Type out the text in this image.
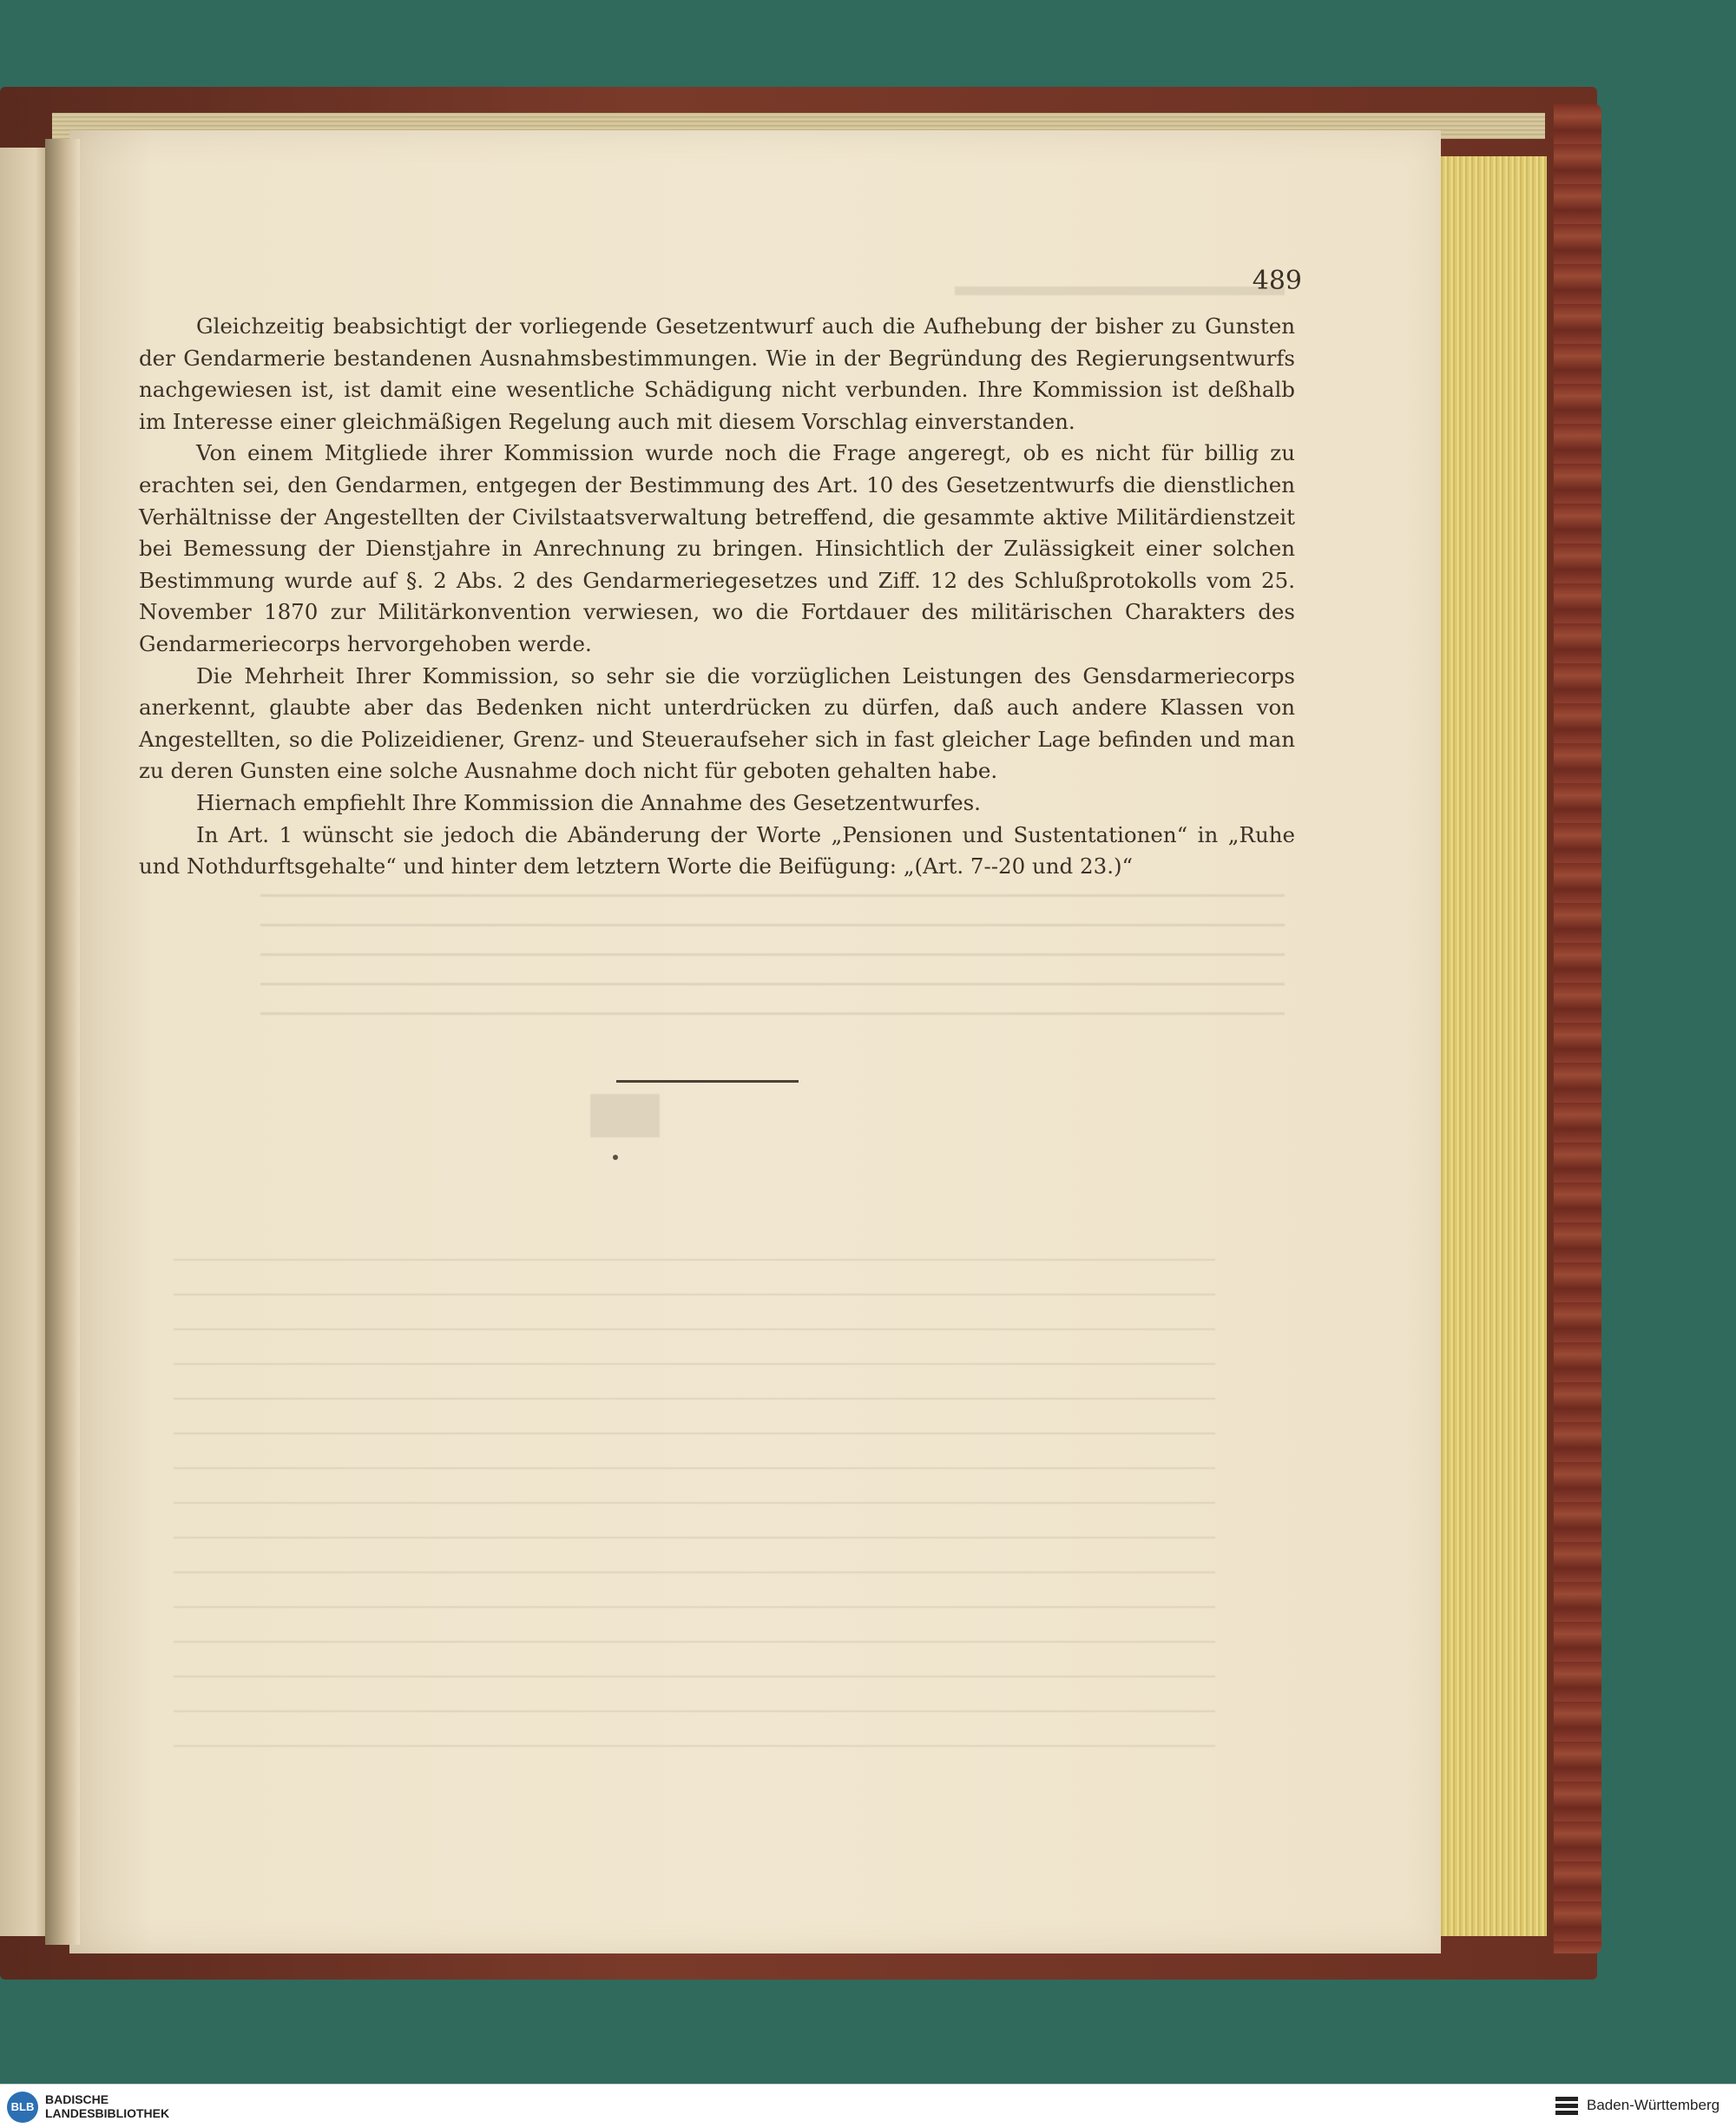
489

Gleichzeitig beabsichtigt der vorliegende Gesetzentwurf auch die Aufhebung der bisher zu Gunsten der Gendarmerie bestandenen Ausnahmsbestimmungen. Wie in der Begründung des Regierungsentwurfs nachgewiesen ist, ist damit eine wesentliche Schädigung nicht verbunden. Ihre Kommission ist deßhalb im Interesse einer gleichmäßigen Regelung auch mit diesem Vorschlag einverstanden.

Von einem Mitgliede ihrer Kommission wurde noch die Frage angeregt, ob es nicht für billig zu erachten sei, den Gendarmen, entgegen der Bestimmung des Art. 10 des Gesetzentwurfs die dienstlichen Verhältnisse der Angestellten der Civilstaatsverwaltung betreffend, die gesammte aktive Militärdienstzeit bei Bemessung der Dienstjahre in Anrechnung zu bringen. Hinsichtlich der Zulässigkeit einer solchen Bestimmung wurde auf §. 2 Abs. 2 des Gendarmeriegesetzes und Ziff. 12 des Schlußprotokolls vom 25. November 1870 zur Militärkonvention verwiesen, wo die Fortdauer des militärischen Charakters des Gendarmeriecorps hervorgehoben werde.

Die Mehrheit Ihrer Kommission, so sehr sie die vorzüglichen Leistungen des Gensdarmeriecorps anerkennt, glaubte aber das Bedenken nicht unterdrücken zu dürfen, daß auch andere Klassen von Angestellten, so die Polizeidiener, Grenz- und Steueraufseher sich in fast gleicher Lage befinden und man zu deren Gunsten eine solche Ausnahme doch nicht für geboten gehalten habe.

Hiernach empfiehlt Ihre Kommission die Annahme des Gesetzentwurfes.

In Art. 1 wünscht sie jedoch die Abänderung der Worte „Pensionen und Sustentationen“ in „Ruhe und Nothdurftsgehalte“ und hinter dem letztern Worte die Beifügung: „(Art. 7--20 und 23.)“

BLB
BADISCHE
LANDESBIBLIOTHEK	Baden-Württemberg
